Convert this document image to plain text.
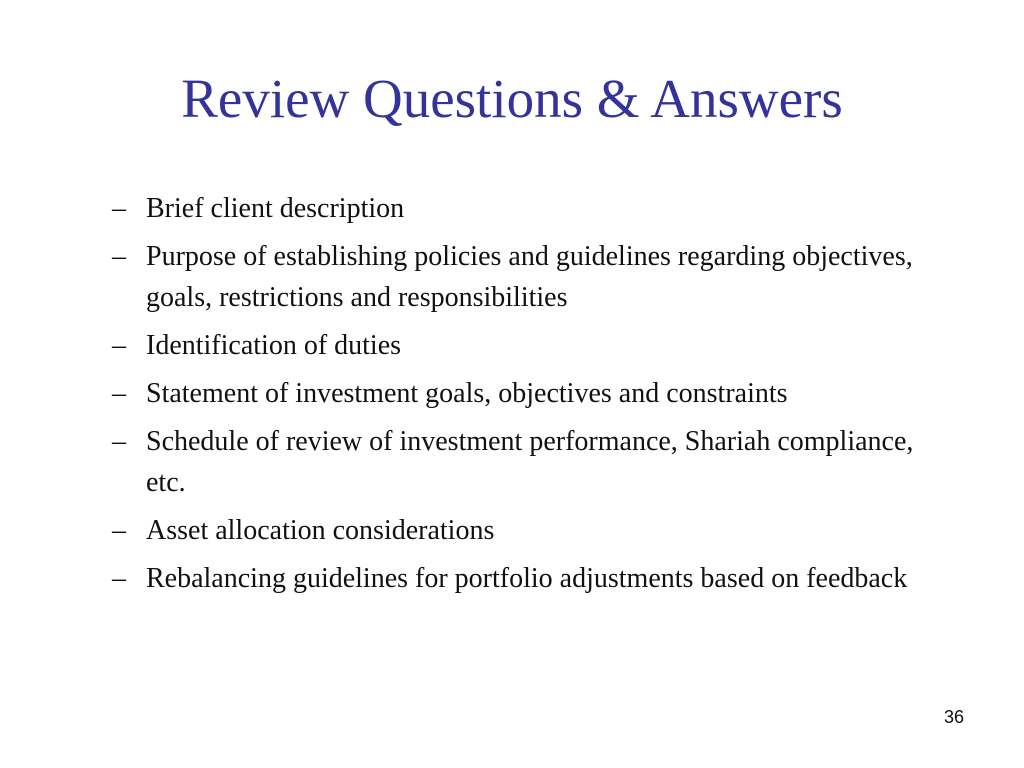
Review Questions & Answers
– Brief client description
– Purpose of establishing policies and guidelines regarding objectives, goals, restrictions and responsibilities
– Identification of duties
– Statement of investment goals, objectives and constraints
– Schedule of review of investment performance, Shariah compliance, etc.
– Asset allocation considerations
– Rebalancing guidelines for portfolio adjustments based on feedback
36
